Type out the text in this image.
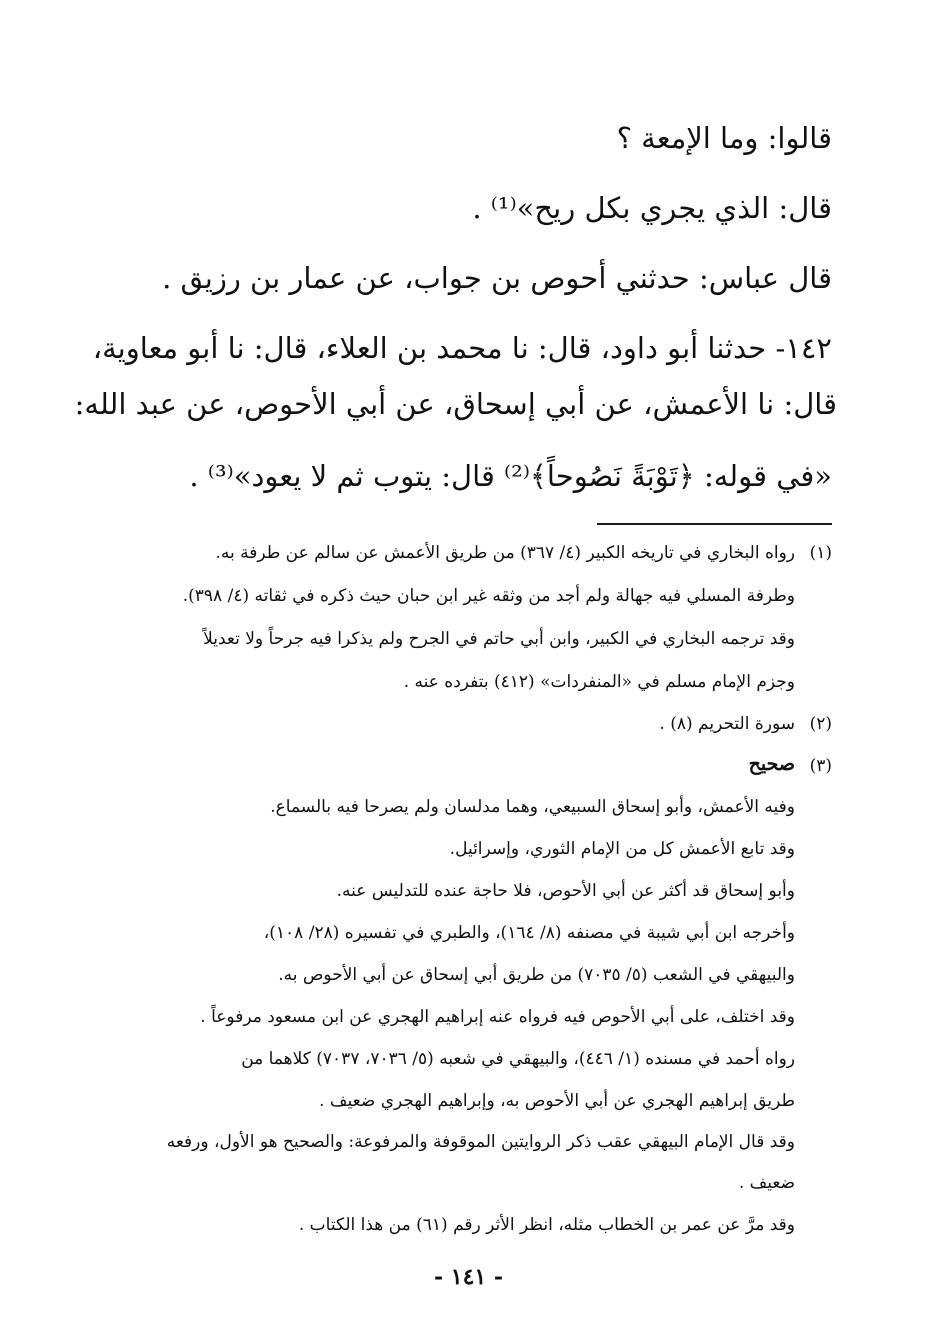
قالوا: وما الإمعة ؟
قال: الذي يجري بكل ريح»⁽¹⁾ .
قال عباس: حدثني أحوص بن جواب، عن عمار بن رزيق .
١٤٢- حدثنا أبو داود، قال: نا محمد بن العلاء، قال: نا أبو معاوية،
قال: نا الأعمش، عن أبي إسحاق، عن أبي الأحوص، عن عبد الله:
«في قوله: ﴿تَوْبَةً نَصُوحاً﴾⁽²⁾ قال: يتوب ثم لا يعود»⁽³⁾ .
(١)
رواه البخاري في تاريخه الكبير (٤/ ٣٦٧) من طريق الأعمش عن سالم عن طرفة به.
وطرفة المسلي فيه جهالة ولم أجد من وثقه غير ابن حبان حيث ذكره في ثقاته (٤/ ٣٩٨).
وقد ترجمه البخاري في الكبير، وابن أبي حاتم في الجرح ولم يذكرا فيه جرحاً ولا تعديلاً
وجزم الإمام مسلم في «المنفردات» (٤١٢) بتفرده عنه .
(٢)
سورة التحريم (٨) .
(٣)
صحيح
وفيه الأعمش، وأبو إسحاق السبيعي، وهما مدلسان ولم يصرحا فيه بالسماع.
وقد تابع الأعمش كل من الإمام الثوري، وإسرائيل.
وأبو إسحاق قد أكثر عن أبي الأحوص، فلا حاجة عنده للتدليس عنه.
وأخرجه ابن أبي شيبة في مصنفه (٨/ ١٦٤)، والطبري في تفسيره (٢٨/ ١٠٨)،
والبيهقي في الشعب (٥/ ٧٠٣٥) من طريق أبي إسحاق عن أبي الأحوص به.
وقد اختلف، على أبي الأحوص فيه فرواه عنه إبراهيم الهجري عن ابن مسعود مرفوعاً .
رواه أحمد في مسنده (١/ ٤٤٦)، والبيهقي في شعبه (٥/ ٧٠٣٦، ٧٠٣٧) كلاهما من
طريق إبراهيم الهجري عن أبي الأحوص به، وإبراهيم الهجري ضعيف .
وقد قال الإمام البيهقي عقب ذكر الروايتين الموقوفة والمرفوعة: والصحيح هو الأول، ورفعه
ضعيف .
وقد مرَّ عن عمر بن الخطاب مثله، انظر الأثر رقم (٦١) من هذا الكتاب .
- ١٤١ -
